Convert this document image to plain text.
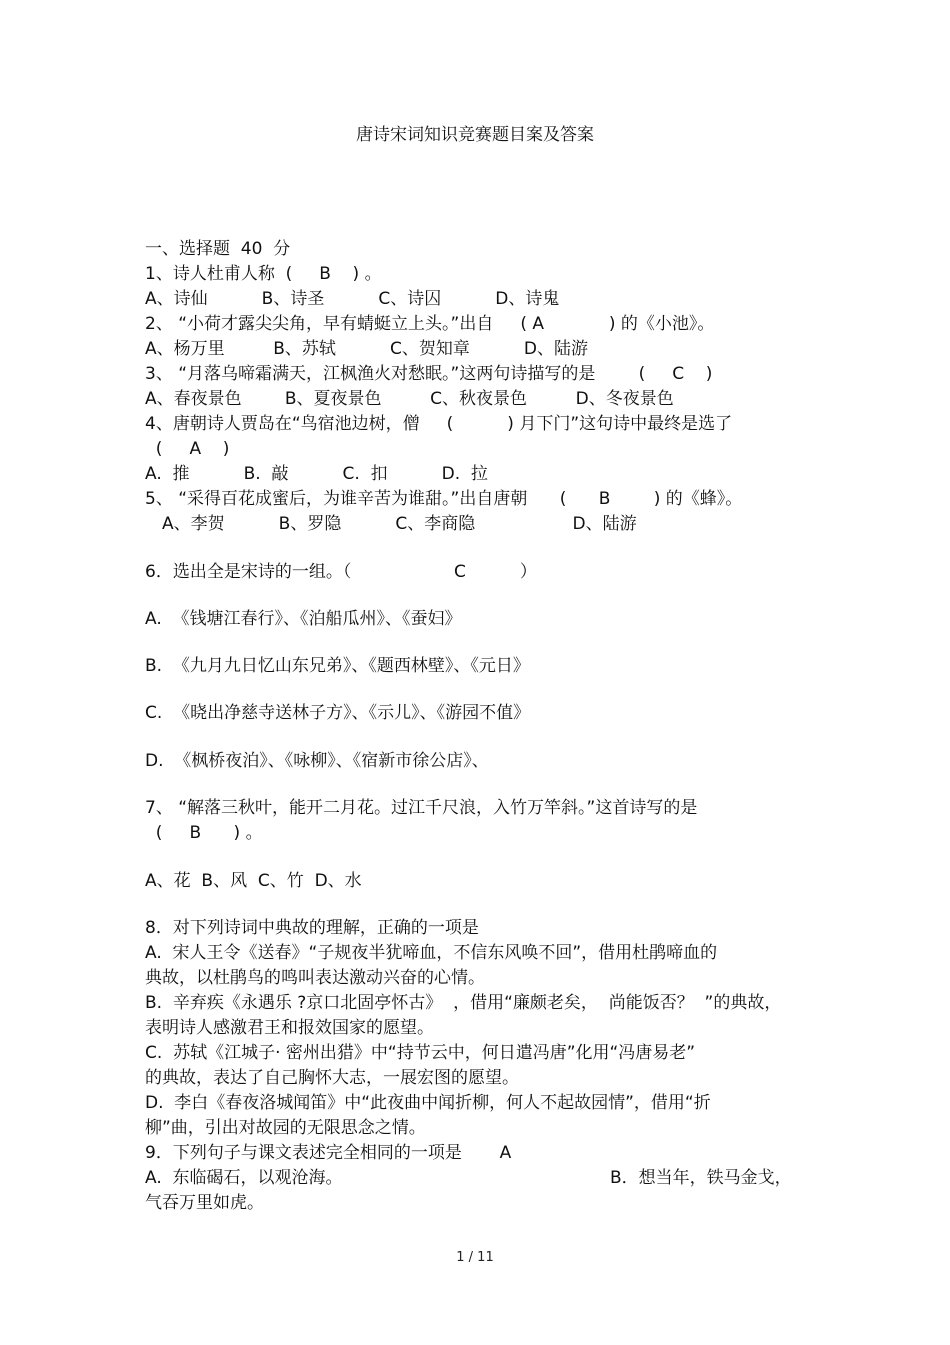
唐诗宋词知识竞赛题目案及答案
一、选择题  40  分
1、诗人杜甫人称  (     B    ) 。
A、诗仙          B、诗圣          C、诗囚          D、诗鬼
2、 “小荷才露尖尖角，早有蜻蜓立上头。”出自     ( A            ) 的《小池》。
A、杨万里         B、苏轼          C、贺知章          D、陆游
3、 “月落乌啼霜满天，江枫渔火对愁眠。”这两句诗描写的是        (     C    )
A、春夜景色        B、夏夜景色         C、秋夜景色         D、冬夜景色
4、唐朝诗人贾岛在“鸟宿池边树，僧     (          ) 月下门”这句诗中最终是选了
(     A    )
A.  推          B.  敲          C.  扣          D.  拉
5、 “采得百花成蜜后，为谁辛苦为谁甜。”出自唐朝      (      B        ) 的《蜂》。
A、李贺          B、罗隐          C、李商隐                  D、陆游
6．选出全是宋诗的一组。（                   C          ）
A.  《钱塘江春行》、《泊船瓜州》、《蚕妇》
B.  《九月九日忆山东兄弟》、《题西林壁》、《元日》
C.  《晓出净慈寺送林子方》、《示儿》、《游园不值》
D.  《枫桥夜泊》、《咏柳》、《宿新市徐公店》、
7、 “解落三秋叶，能开二月花。过江千尺浪，入竹万竿斜。”这首诗写的是
(     B      ) 。
A、花  B、风  C、竹  D、水
8．对下列诗词中典故的理解，正确的一项是
A.  宋人王令《送春》“子规夜半犹啼血，不信东风唤不回”，借用杜鹃啼血的
典故，以杜鹃鸟的鸣叫表达激动兴奋的心情。
B.  辛弃疾《永遇乐 ?京口北固亭怀古》  ，借用“廉颇老矣，  尚能饭否？  ”的典故，
表明诗人感激君王和报效国家的愿望。
C.  苏轼《江城子· 密州出猎》中“持节云中，何日遣冯唐”化用“冯唐易老”
的典故，表达了自己胸怀大志，一展宏图的愿望。
D.  李白《春夜洛城闻笛》中“此夜曲中闻折柳，何人不起故园情”，借用“折
柳”曲，引出对故园的无限思念之情。
9．下列句子与课文表述完全相同的一项是       A
A.  东临碣石，以观沧海。	B．想当年，铁马金戈，
气吞万里如虎。
1 / 11
